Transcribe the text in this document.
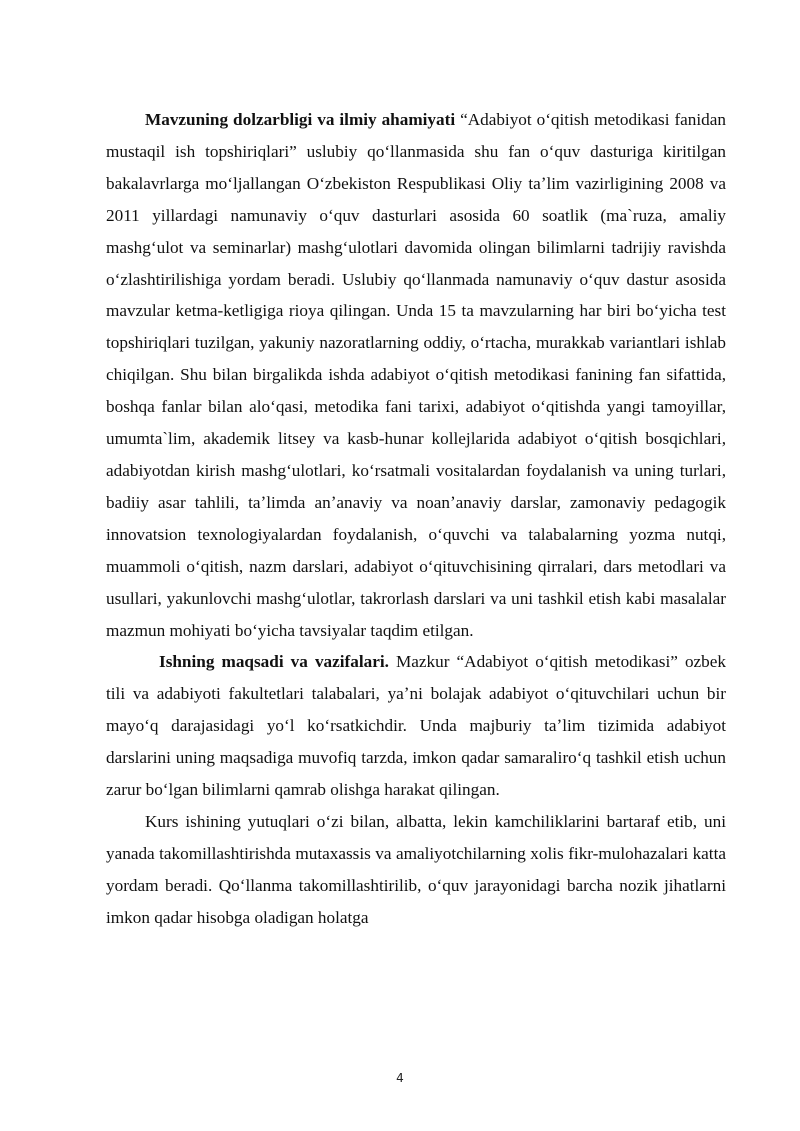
Mavzuning dolzarbligi va ilmiy ahamiyati “Adabiyot oʻqitish metodikasi fanidan mustaqil ish topshiriqlari” uslubiy qoʻllanmasida shu fan oʻquv dasturiga kiritilgan bakalavrlarga moʻljallangan Oʻzbekiston Respublikasi Oliy taʼlim vazirligining 2008 va 2011 yillardagi namunaviy oʻquv dasturlari asosida 60 soatlik (ma`ruza, amaliy mashgʻulot va seminarlar) mashgʻulotlari davomida olingan bilimlarni tadrijiy ravishda oʻzlashtirilishiga yordam beradi. Uslubiy qoʻllanmada namunaviy oʻquv dastur asosida mavzular ketma-ketligiga rioya qilingan. Unda 15 ta mavzularning har biri boʻyicha test topshiriqlari tuzilgan, yakuniy nazoratlarning oddiy, oʻrtacha, murakkab variantlari ishlab chiqilgan. Shu bilan birgalikda ishda adabiyot oʻqitish metodikasi fanining fan sifattida, boshqa fanlar bilan aloʻqasi, metodika fani tarixi, adabiyot oʻqitishda yangi tamoyillar, umumta`lim, akademik litsey va kasb-hunar kollejlarida adabiyot oʻqitish bosqichlari, adabiyotdan kirish mashgʻulotlari, koʻrsatmali vositalardan foydalanish va uning turlari, badiiy asar tahlili, taʼlimda anʼanaviy va noanʼanaviy darslar, zamonaviy pedagogik innovatsion texnologiyalardan foydalanish, oʻquvchi va talabalarning yozma nutqi, muammoli oʻqitish, nazm darslari, adabiyot oʻqituvchisining qirralari, dars metodlari va usullari, yakunlovchi mashgʻulotlar, takrorlash darslari va uni tashkil etish kabi masalalar mazmun mohiyati boʻyicha tavsiyalar taqdim etilgan.

Ishning maqsadi va vazifalari. Mazkur “Adabiyot oʻqitish metodikasi” ozbek tili va adabiyoti fakultetlari talabalari, yaʼni bolajak adabiyot oʻqituvchilari uchun bir mayoʻq darajasidagi yoʻl koʻrsatkichdir. Unda majburiy taʼlim tizimida adabiyot darslarini uning maqsadiga muvofiq tarzda, imkon qadar samaraliroʻq tashkil etish uchun zarur boʻlgan bilimlarni qamrab olishga harakat qilingan.

Kurs ishining yutuqlari oʻzi bilan, albatta, lekin kamchiliklarini bartaraf etib, uni yanada takomillashtirishda mutaxassis va amaliyotchilarning xolis fikr-mulohazalari katta yordam beradi. Qoʻllanma takomillashtirilib, oʻquv jarayonidagi barcha nozik jihatlarni imkon qadar hisobga oladigan holatga

4
